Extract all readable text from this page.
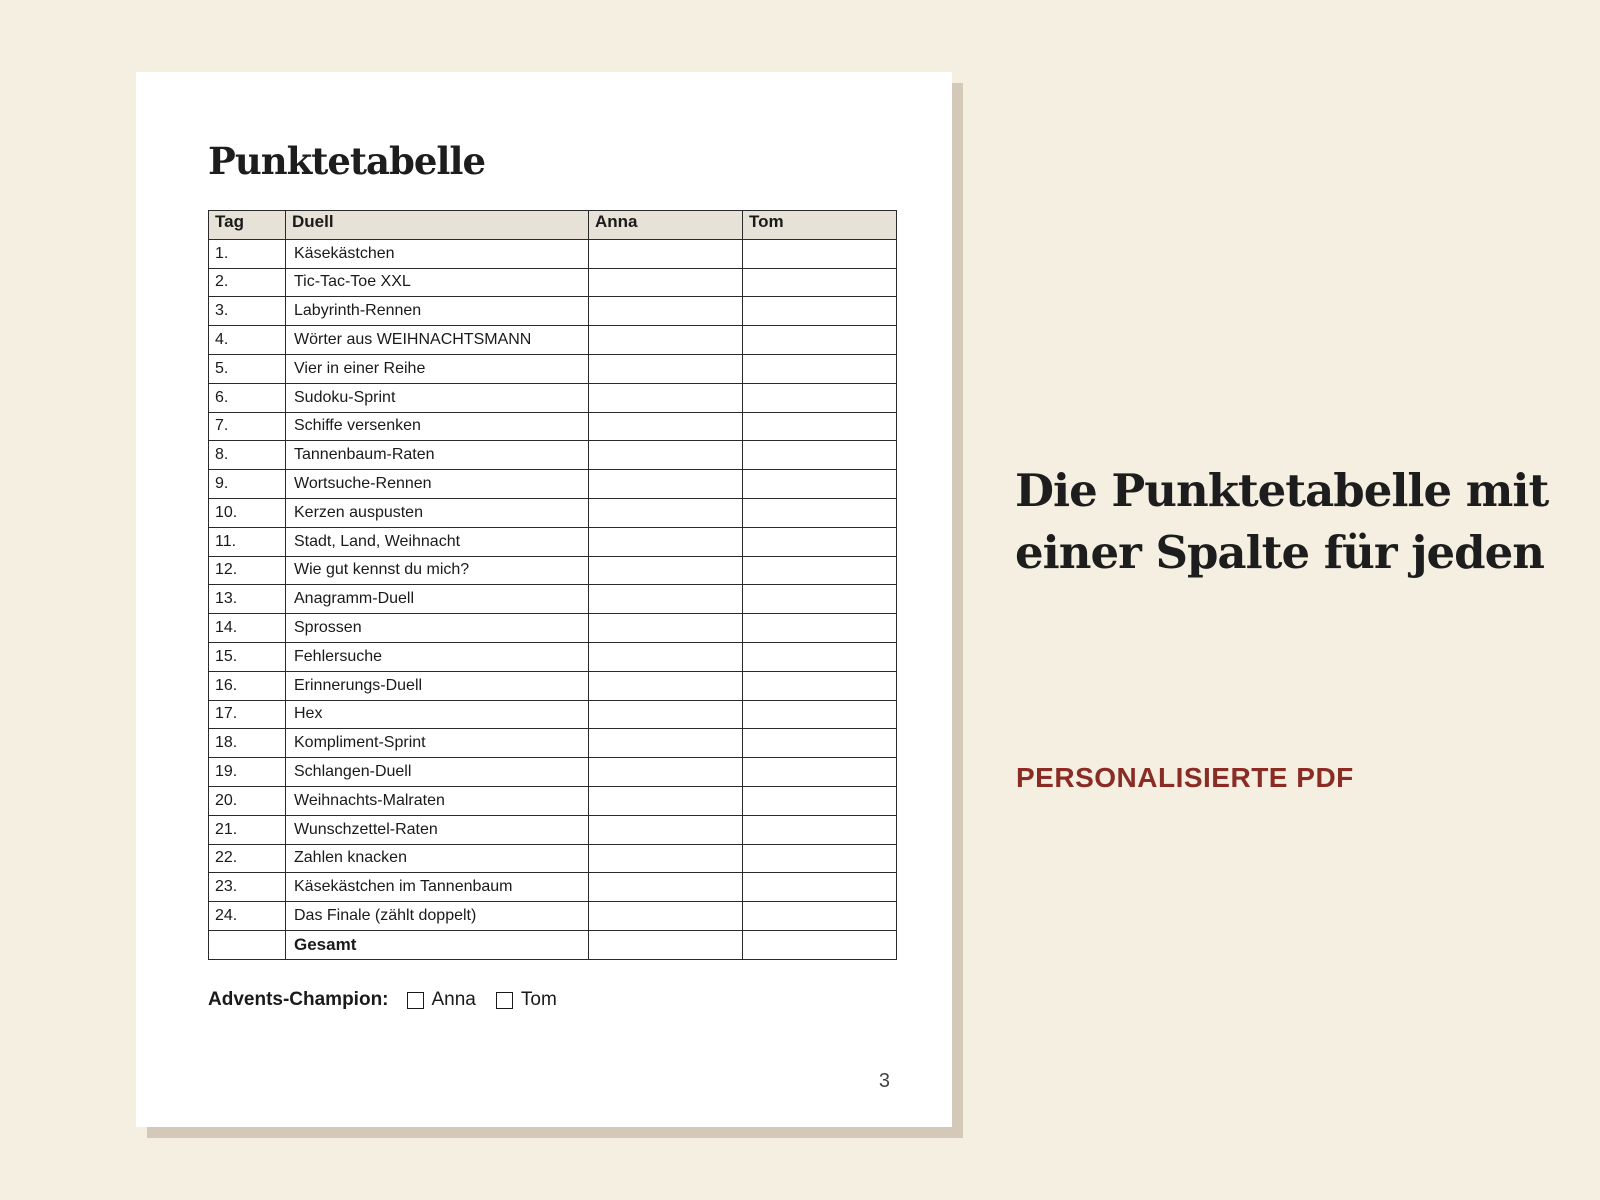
Punktetabelle
Tag	Duell	Anna	Tom
1.	Käsekästchen		
2.	Tic-Tac-Toe XXL		
3.	Labyrinth-Rennen		
4.	Wörter aus WEIHNACHTSMANN		
5.	Vier in einer Reihe		
6.	Sudoku-Sprint		
7.	Schiffe versenken		
8.	Tannenbaum-Raten		
9.	Wortsuche-Rennen		
10.	Kerzen auspusten		
11.	Stadt, Land, Weihnacht		
12.	Wie gut kennst du mich?		
13.	Anagramm-Duell		
14.	Sprossen		
15.	Fehlersuche		
16.	Erinnerungs-Duell		
17.	Hex		
18.	Kompliment-Sprint		
19.	Schlangen-Duell		
20.	Weihnachts-Malraten		
21.	Wunschzettel-Raten		
22.	Zahlen knacken		
23.	Käsekästchen im Tannenbaum		
24.	Das Finale (zählt doppelt)		
	Gesamt		
Advents-Champion: Anna Tom
3
Die Punktetabelle mit
einer Spalte für jeden
PERSONALISIERTE PDF
